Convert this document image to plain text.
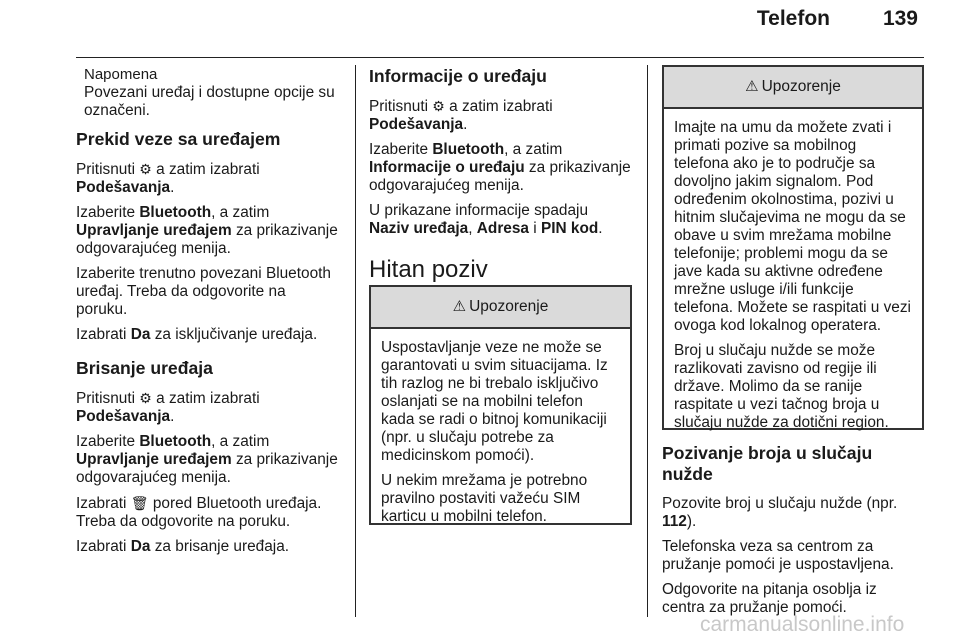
Telefon	139

Napomena

Povezani uređaj i dostupne opcije su

označeni.

Prekid veze sa uređajem

Pritisnuti ⚙ a zatim izabrati

Podešavanja.

Izaberite Bluetooth, a zatim

Upravljanje uređajem za prikazivanje

odgovarajućeg menija.

Izaberite trenutno povezani Bluetooth

uređaj. Treba da odgovorite na

poruku.

Izabrati Da za isključivanje uređaja.

Brisanje uređaja

Pritisnuti ⚙ a zatim izabrati

Podešavanja.

Izaberite Bluetooth, a zatim

Upravljanje uređajem za prikazivanje

odgovarajućeg menija.

Izabrati 🗑 pored Bluetooth uređaja.

Treba da odgovorite na poruku.

Izabrati Da za brisanje uređaja.

Informacije o uređaju

Pritisnuti ⚙ a zatim izabrati

Podešavanja.

Izaberite Bluetooth, a zatim

Informacije o uređaju za prikazivanje

odgovarajućeg menija.

U prikazane informacije spadaju

Naziv uređaja, Adresa i PIN kod.

Hitan poziv

⚠ Upozorenje

Uspostavljanje veze ne može se
garantovati u svim situacijama. Iz
tih razlog ne bi trebalo isključivo
oslanjati se na mobilni telefon
kada se radi o bitnoj komunikaciji
(npr. u slučaju potrebe za
medicinskom pomoći).

U nekim mrežama je potrebno
pravilno postaviti važeću SIM
karticu u mobilni telefon.

⚠ Upozorenje

Imajte na umu da možete zvati i
primati pozive sa mobilnog
telefona ako je to područje sa
dovoljno jakim signalom. Pod
određenim okolnostima, pozivi u
hitnim slučajevima ne mogu da se
obave u svim mrežama mobilne
telefonije; problemi mogu da se
jave kada su aktivne određene
mrežne usluge i/ili funkcije
telefona. Možete se raspitati u vezi
ovoga kod lokalnog operatera.

Broj u slučaju nužde se može
razlikovati zavisno od regije ili
države. Molimo da se ranije
raspitate u vezi tačnog broja u
slučaju nužde za dotični region.

Pozivanje broja u slučaju nužde

Pozovite broj u slučaju nužde (npr.

112).

Telefonska veza sa centrom za

pružanje pomoći je uspostavljena.

Odgovorite na pitanja osoblja iz

centra za pružanje pomoći.

carmanualsonline.info
